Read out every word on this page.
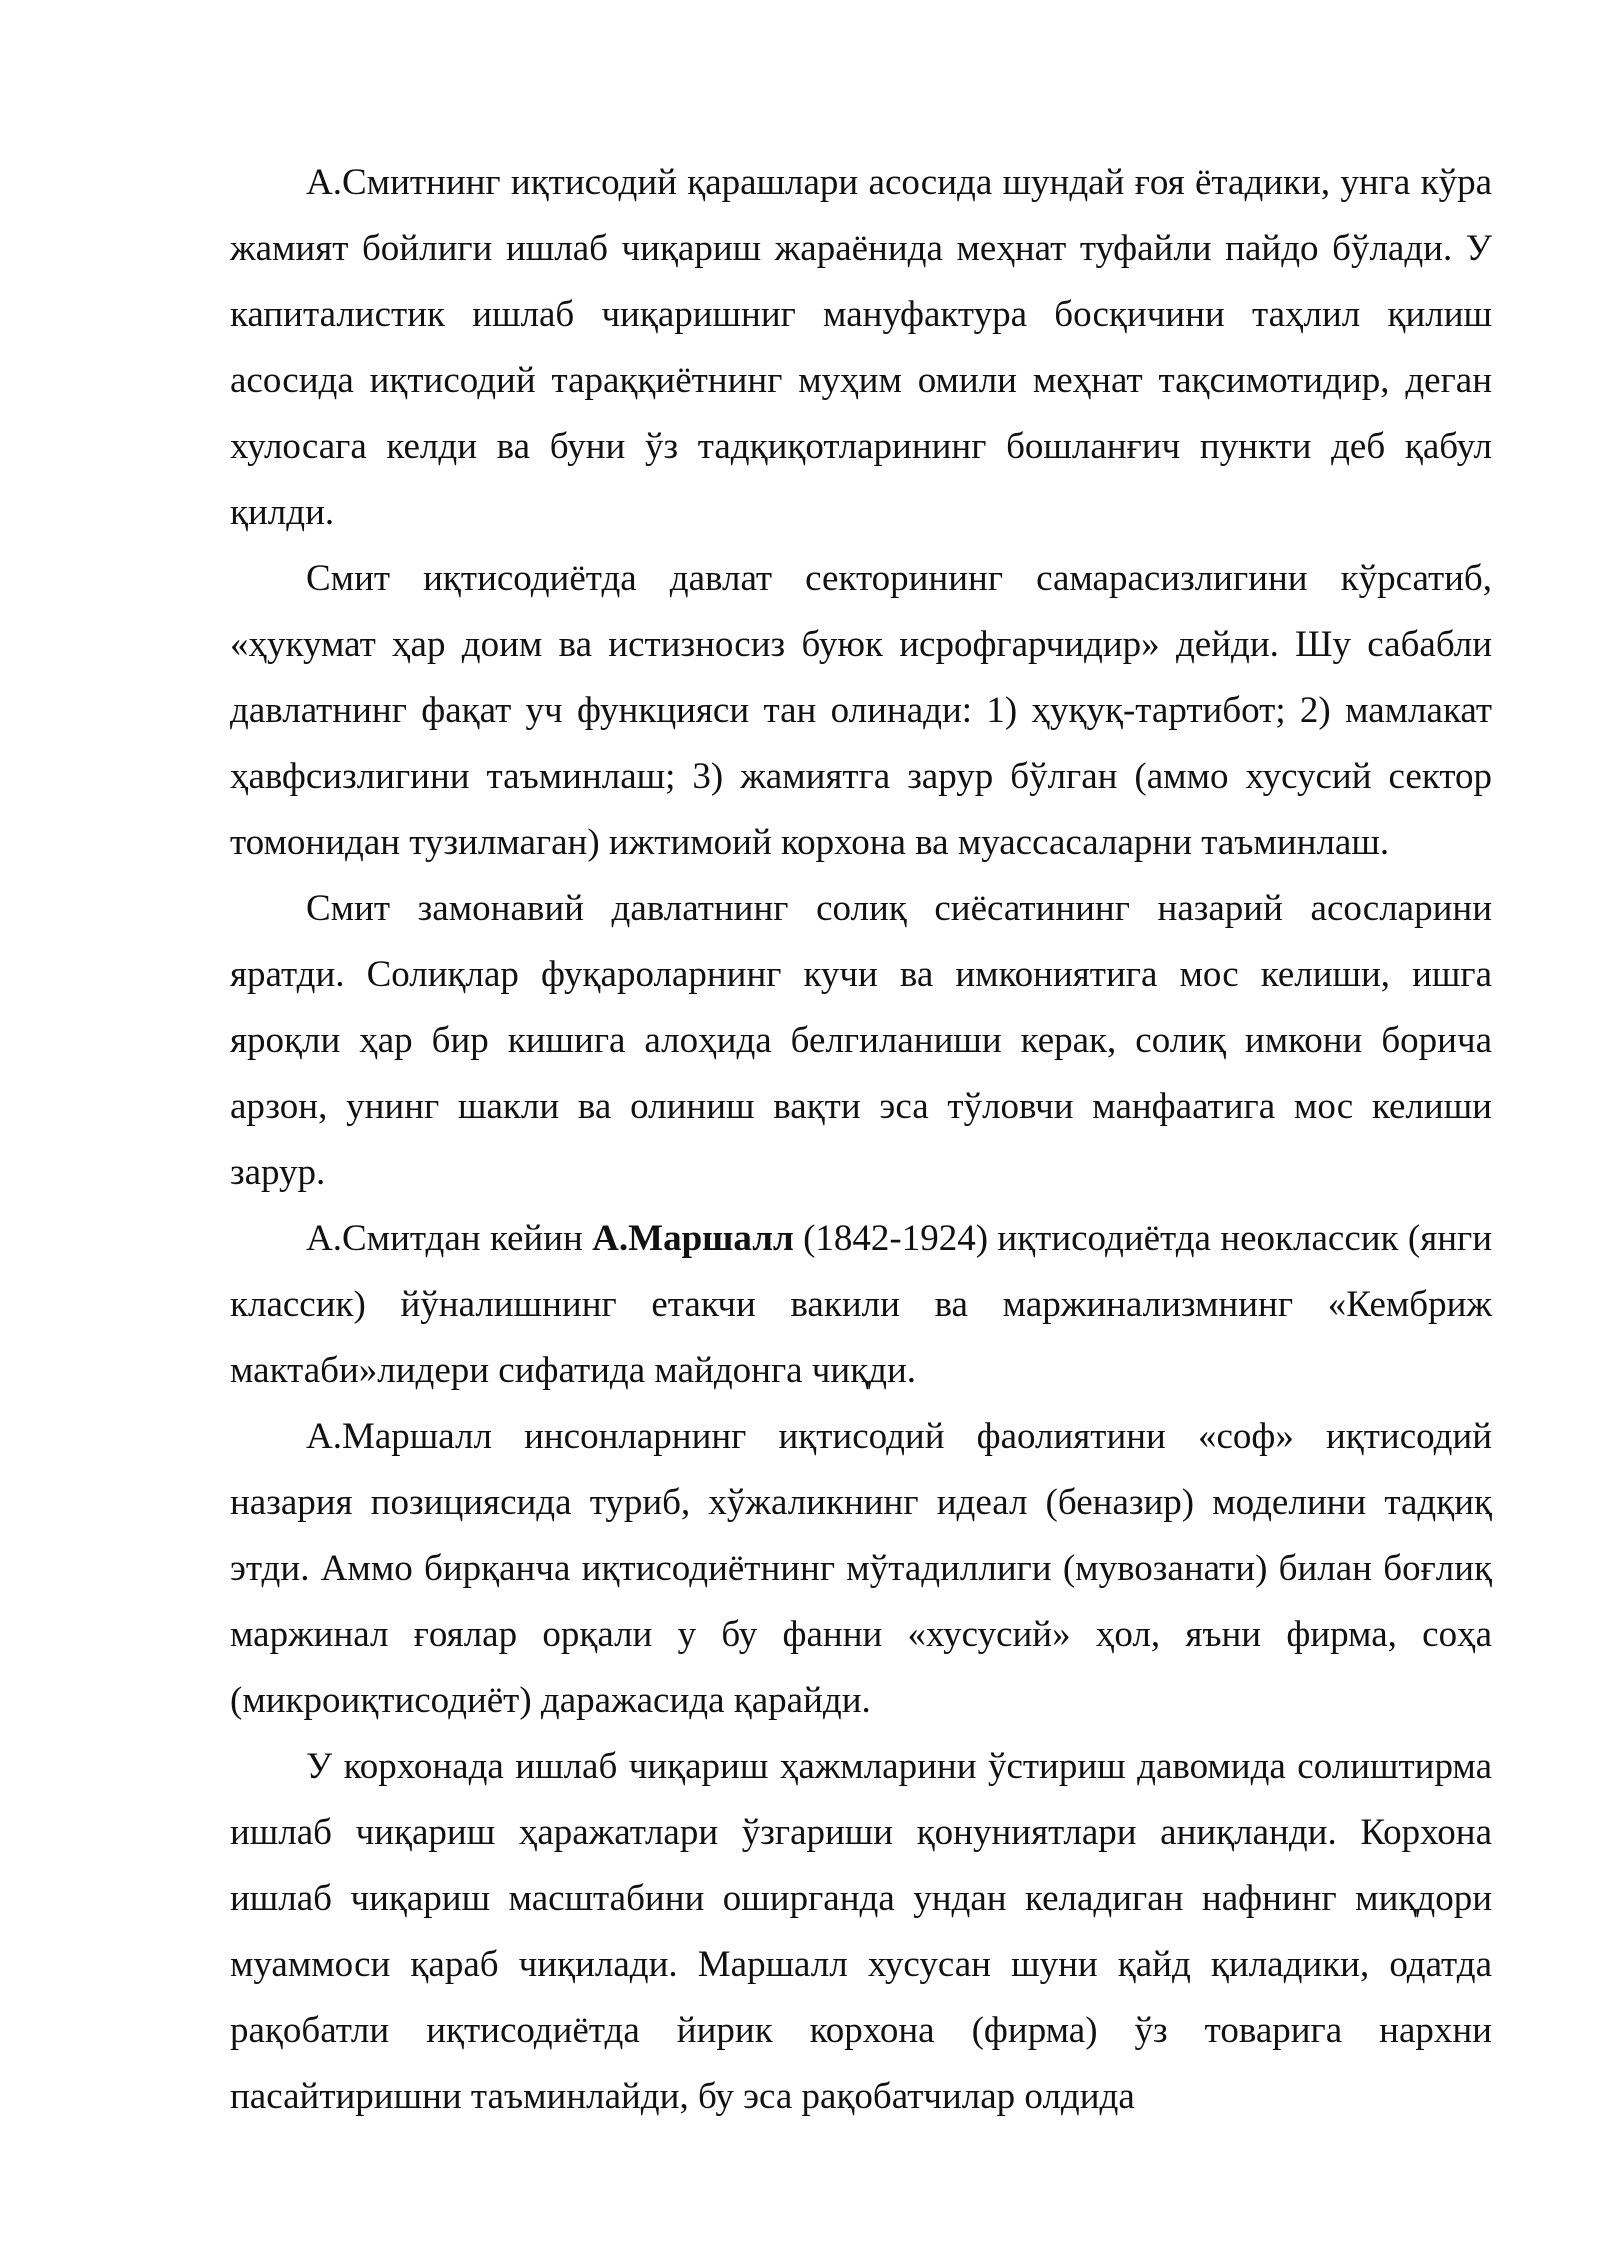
А.Смитнинг иқтисодий қарашлари асосида шундай ғоя ётадики, унга кўра жамият бойлиги ишлаб чиқариш жараёнида меҳнат туфайли пайдо бўлади. У капиталистик ишлаб чиқаришниг мануфактура босқичини таҳлил қилиш асосида иқтисодий тараққиётнинг муҳим омили меҳнат тақсимотидир, деган хулосага келди ва буни ўз тадқиқотларининг бошланғич пункти деб қабул қилди.

Смит иқтисодиётда давлат секторининг самарасизлигини кўрсатиб, «ҳукумат ҳар доим ва истизносиз буюк исрофгарчидир» дейди. Шу сабабли давлатнинг фақат уч функцияси тан олинади: 1) ҳуқуқ-тартибот; 2) мамлакат ҳавфсизлигини таъминлаш; 3) жамиятга зарур бўлган (аммо хусусий сектор томонидан тузилмаган) ижтимоий корхона ва муассасаларни таъминлаш.

Смит замонавий давлатнинг солиқ сиёсатининг назарий асосларини яратди. Солиқлар фуқароларнинг кучи ва имкониятига мос келиши, ишга яроқли ҳар бир кишига алоҳида белгиланиши керак, солиқ имкони борича арзон, унинг шакли ва олиниш вақти эса тўловчи манфаатига мос келиши зарур.

А.Смитдан кейин А.Маршалл (1842-1924) иқтисодиётда неоклассик (янги классик) йўналишнинг етакчи вакили ва маржинализмнинг «Кембриж мактаби»лидери сифатида майдонга чиқди.

А.Маршалл инсонларнинг иқтисодий фаолиятини «соф» иқтисодий назария позициясида туриб, хўжаликнинг идеал (беназир) моделини тадқиқ этди. Аммо бирқанча иқтисодиётнинг мўтадиллиги (мувозанати) билан боғлиқ маржинал ғоялар орқали у бу фанни «хусусий» ҳол, яъни фирма, соҳа (микроиқтисодиёт) даражасида қарайди.

У корхонада ишлаб чиқариш ҳажмларини ўстириш давомида солиштирма ишлаб чиқариш ҳаражатлари ўзгариши қонуниятлари аниқланди. Корхона ишлаб чиқариш масштабини оширганда ундан келадиган нафнинг миқдори муаммоси қараб чиқилади. Маршалл хусусан шуни қайд қиладики, одатда рақобатли иқтисодиётда йирик корхона (фирма) ўз товарига нархни пасайтиришни таъминлайди, бу эса рақобатчилар олдида
